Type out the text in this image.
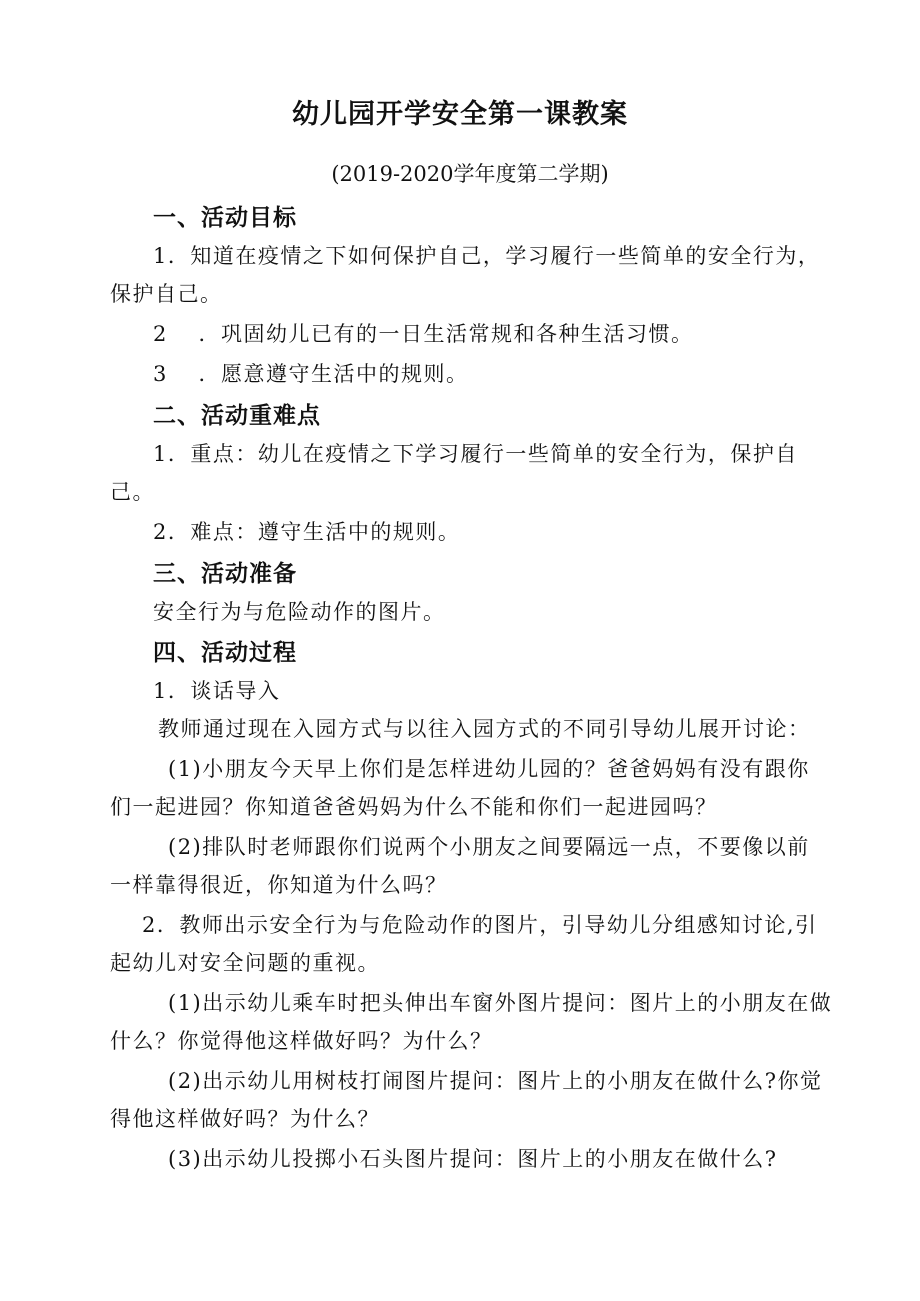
幼儿园开学安全第一课教案
(2019-2020学年度第二学期)
一、活动目标
1．知道在疫情之下如何保护自己，学习履行一些简单的安全行为，
保护自己。
2　 ．巩固幼儿已有的一日生活常规和各种生活习惯。
3　 ．愿意遵守生活中的规则。
二、活动重难点
1．重点：幼儿在疫情之下学习履行一些简单的安全行为，保护自
己。
2．难点：遵守生活中的规则。
三、活动准备
安全行为与危险动作的图片。
四、活动过程
1．谈话导入
教师通过现在入园方式与以往入园方式的不同引导幼儿展开讨论：
(1)小朋友今天早上你们是怎样进幼儿园的？爸爸妈妈有没有跟你
们一起进园？你知道爸爸妈妈为什么不能和你们一起进园吗？
(2)排队时老师跟你们说两个小朋友之间要隔远一点，不要像以前
一样靠得很近，你知道为什么吗？
2．教师出示安全行为与危险动作的图片，引导幼儿分组感知讨论,引
起幼儿对安全问题的重视。
(1)出示幼儿乘车时把头伸出车窗外图片提问：图片上的小朋友在做
什么？你觉得他这样做好吗？为什么？
(2)出示幼儿用树枝打闹图片提问：图片上的小朋友在做什么?你觉
得他这样做好吗？为什么？
(3)出示幼儿投掷小石头图片提问：图片上的小朋友在做什么?
